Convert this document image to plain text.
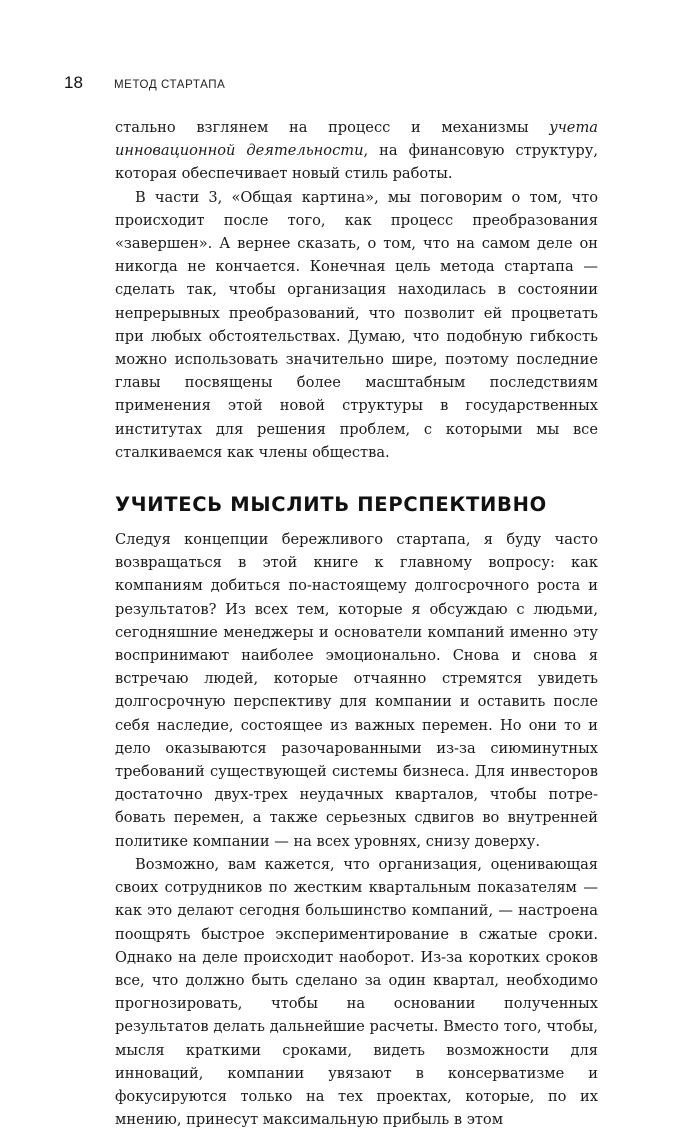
18	МЕТОД СТАРТАПА

стально взглянем на процесс и механизмы учета инновационной деятельности, на финансовую структуру, которая обеспечивает новый стиль работы.

В части 3, «Общая картина», мы поговорим о том, что происходит после того, как процесс преобразования «завершен». А вернее сказать, о том, что на самом деле он никогда не кончается. Конечная цель метода стартапа — сделать так, чтобы организация находилась в состоянии непрерывных преобразований, что позволит ей процветать при любых обстоятельствах. Думаю, что подобную гибкость можно использовать значительно шире, поэтому последние главы посвящены более масштабным последствиям применения этой новой структуры в государственных институтах для решения проблем, с которыми мы все сталкиваемся как члены общества.

УЧИТЕСЬ МЫСЛИТЬ ПЕРСПЕКТИВНО

Следуя концепции бережливого стартапа, я буду часто возвращаться в этой книге к главному вопросу: как компаниям добиться по-настоящему долгосрочного роста и результатов? Из всех тем, которые я обсуждаю с людьми, сегодняшние менеджеры и основатели компаний именно эту воспринимают наиболее эмоционально. Снова и снова я встречаю людей, которые отчаянно стремятся увидеть долгосрочную перспективу для компании и оставить после себя наследие, состоящее из важных перемен. Но они то и дело оказываются разочарованными из-за сиюминутных требований существующей системы бизнеса. Для инвесторов достаточно двух-трех неудачных кварталов, чтобы потребовать перемен, а также серьезных сдвигов во внутренней политике компании — на всех уровнях, снизу доверху.

Возможно, вам кажется, что организация, оценивающая своих сотрудников по жестким квартальным показателям — как это делают сегодня большинство компаний, — настроена поощрять быстрое экспериментирование в сжатые сроки. Однако на деле происходит наоборот. Из-за коротких сроков все, что должно быть сделано за один квартал, необходимо прогнозировать, чтобы на основании полученных результатов делать дальнейшие расчеты. Вместо того, чтобы, мысля краткими сроками, видеть возможности для инноваций, компании увязают в консерватизме и фокусируются только на тех проектах, которые, по их мнению, принесут максимальную прибыль в этом
